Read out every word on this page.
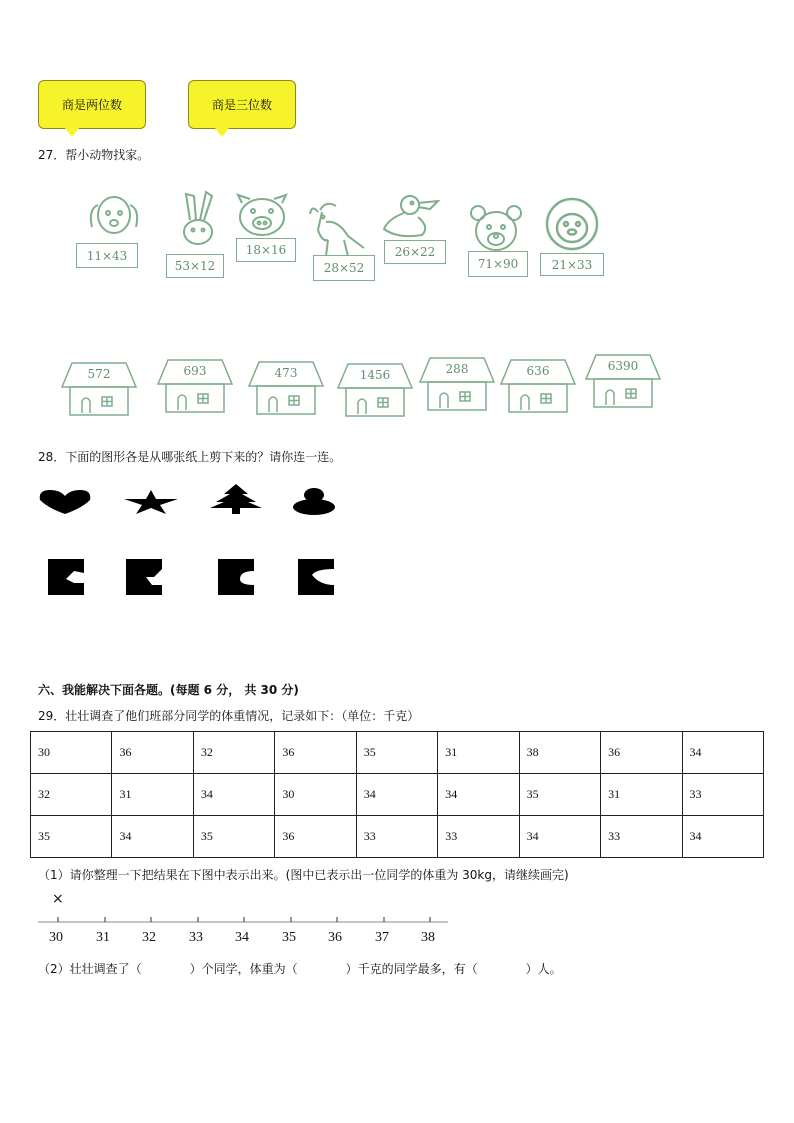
商是两位数	商是三位数
27．帮小动物找家。
11×43
53×12
18×16
28×52
26×22
71×90	21×33
572	693	473	1456	288	636	6390
28．下面的图形各是从哪张纸上剪下来的？请你连一连。
六、我能解决下面各题。(每题 6 分， 共 30 分)
29．壮壮调查了他们班部分同学的体重情况，记录如下：（单位：千克）
30	36	32	36	35	31	38	36	34
32	31	34	30	34	34	35	31	33
35	34	35	36	33	33	34	33	34
（1）请你整理一下把结果在下图中表示出来。(图中已表示出一位同学的体重为 30kg，请继续画完)
×
30 31 32 33 34 35 36 37 38
（2）壮壮调查了（　　　　）个同学，体重为（　　　　）千克的同学最多，有（　　　　）人。
